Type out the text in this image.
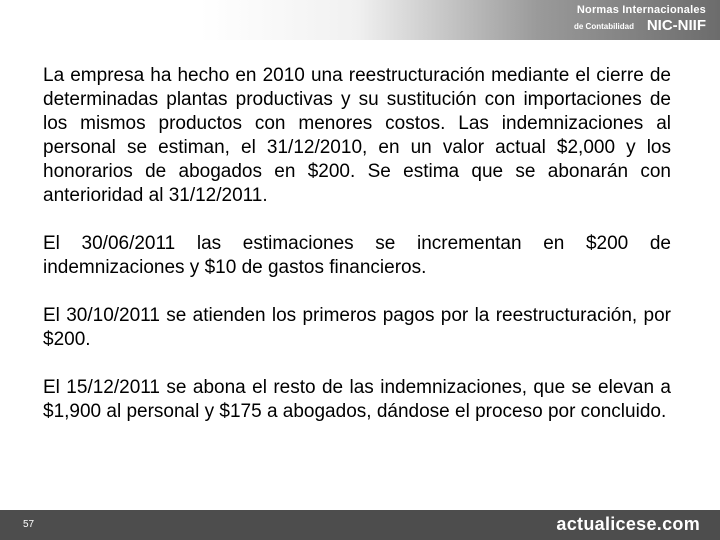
Normas Internacionales
de Contabilidad NIC-NIIF

La empresa ha hecho en 2010 una reestructuración mediante el cierre de determinadas plantas productivas y su sustitución con importaciones de los mismos productos con menores costos. Las indemnizaciones al personal se estiman, el 31/12/2010, en un valor actual $2,000 y los honorarios de abogados en $200. Se estima que se abonarán con anterioridad al 31/12/2011.

El 30/06/2011 las estimaciones se incrementan en $200 de indemnizaciones y $10 de gastos financieros.

El 30/10/2011 se atienden los primeros pagos por la reestructuración, por $200.

El 15/12/2011 se abona el resto de las indemnizaciones, que se elevan a $1,900 al personal y $175 a abogados, dándose el proceso por concluido.

57	actualicese.com
